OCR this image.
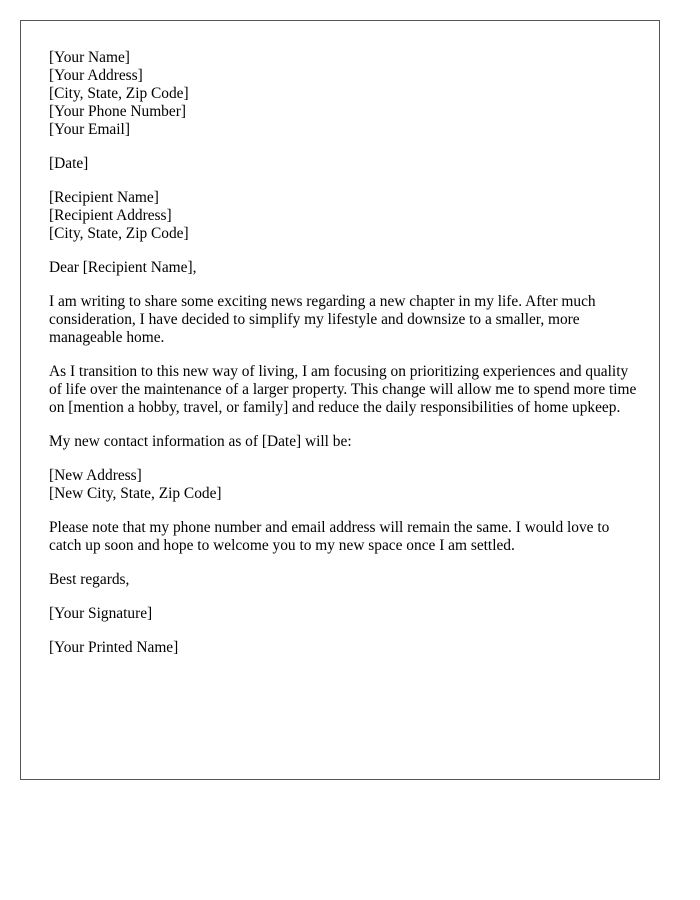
[Your Name]
[Your Address]
[City, State, Zip Code]
[Your Phone Number]
[Your Email]
[Date]
[Recipient Name]
[Recipient Address]
[City, State, Zip Code]
Dear [Recipient Name],

I am writing to share some exciting news regarding a new chapter in my life. After much consideration, I have decided to simplify my lifestyle and downsize to a smaller, more manageable home.

As I transition to this new way of living, I am focusing on prioritizing experiences and quality of life over the maintenance of a larger property. This change will allow me to spend more time on [mention a hobby, travel, or family] and reduce the daily responsibilities of home upkeep.

My new contact information as of [Date] will be:

[New Address]
[New City, State, Zip Code]

Please note that my phone number and email address will remain the same. I would love to catch up soon and hope to welcome you to my new space once I am settled.

Best regards,
[Your Signature]
[Your Printed Name]
